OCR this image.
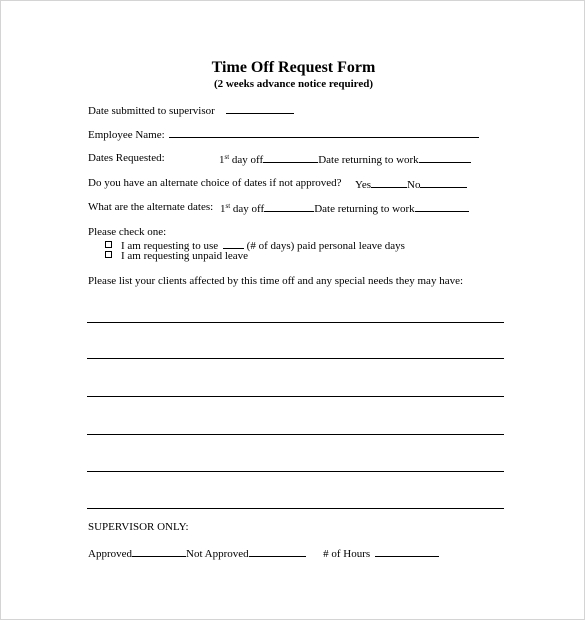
Time Off Request Form
(2 weeks advance notice required)
Date submitted to supervisor
Employee Name:
Dates Requested:	1st day off	Date returning to work
Do you have an alternate choice of dates if not approved? Yes	No
What are the alternate dates: 1st day off	Date returning to work
Please check one:
I am requesting to use	(# of days) paid personal leave days
I am requesting unpaid leave
Please list your clients affected by this time off and any special needs they may have:
SUPERVISOR ONLY:
Approved	Not Approved	# of Hours
